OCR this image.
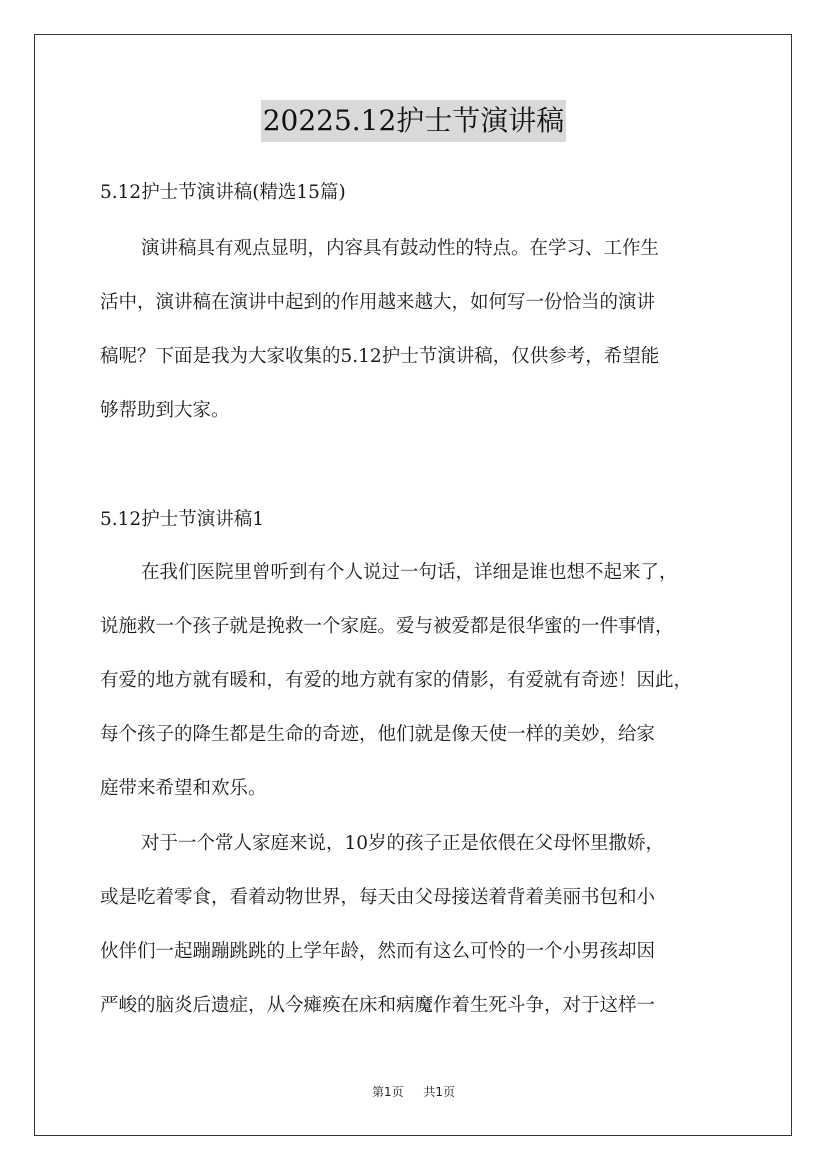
20225.12护士节演讲稿
5.12护士节演讲稿(精选15篇)
演讲稿具有观点显明，内容具有鼓动性的特点。在学习、工作生
活中，演讲稿在演讲中起到的作用越来越大，如何写一份恰当的演讲
稿呢？下面是我为大家收集的5.12护士节演讲稿，仅供参考，希望能
够帮助到大家。
5.12护士节演讲稿1
在我们医院里曾听到有个人说过一句话，详细是谁也想不起来了，
说施救一个孩子就是挽救一个家庭。爱与被爱都是很华蜜的一件事情，
有爱的地方就有暖和，有爱的地方就有家的倩影，有爱就有奇迹！因此，
每个孩子的降生都是生命的奇迹，他们就是像天使一样的美妙，给家
庭带来希望和欢乐。
对于一个常人家庭来说，10岁的孩子正是依偎在父母怀里撒娇，
或是吃着零食，看着动物世界，每天由父母接送着背着美丽书包和小
伙伴们一起蹦蹦跳跳的上学年龄，然而有这么可怜的一个小男孩却因
严峻的脑炎后遗症，从今瘫痪在床和病魔作着生死斗争，对于这样一
第1页 共1页
